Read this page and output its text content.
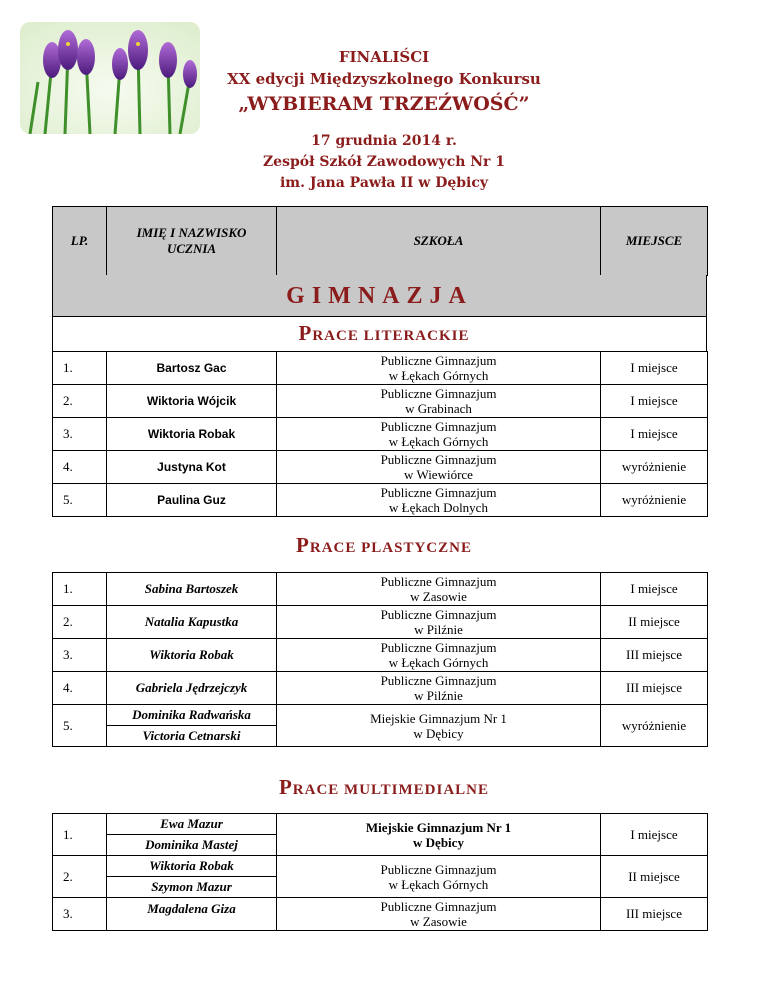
FINALIŚCI
XX edycji Międzyszkolnego Konkursu
„WYBIERAM TRZEŹWOŚĆ”
17 grudnia 2014 r.
Zespół Szkół Zawodowych Nr 1
im. Jana Pawła II w Dębicy
LP.	IMIĘ I NAZWISKO
UCZNIA	SZKOŁA	MIEJSCE
GIMNAZJA
PRACE LITERACKIE
1.	Bartosz Gac	Publiczne Gimnazjum
w Łękach Górnych	I miejsce
2.	Wiktoria Wójcik	Publiczne Gimnazjum
w Grabinach	I miejsce
3.	Wiktoria Robak	Publiczne Gimnazjum
w Łękach Górnych	I miejsce
4.	Justyna Kot	Publiczne Gimnazjum
w Wiewiórce	wyróżnienie
5.	Paulina Guz	Publiczne Gimnazjum
w Łękach Dolnych	wyróżnienie
PRACE PLASTYCZNE
1.	Sabina Bartoszek	Publiczne Gimnazjum
w Zasowie	I miejsce
2.	Natalia Kapustka	Publiczne Gimnazjum
w Pilźnie	II miejsce
3.	Wiktoria Robak	Publiczne Gimnazjum
w Łękach Górnych	III miejsce
4.	Gabriela Jędrzejczyk	Publiczne Gimnazjum
w Pilźnie	III miejsce
5.	Dominika Radwańska	Miejskie Gimnazjum Nr 1
w Dębicy	wyróżnienie
	Victoria Cetnarski		
PRACE MULTIMEDIALNE
1.	Ewa Mazur	Miejskie Gimnazjum Nr 1
w Dębicy	I miejsce
	Dominika Mastej		
2.	Wiktoria Robak	Publiczne Gimnazjum
w Łękach Górnych	II miejsce
	Szymon Mazur		
3.	Magdalena Giza	Publiczne Gimnazjum
w Zasowie	III miejsce
